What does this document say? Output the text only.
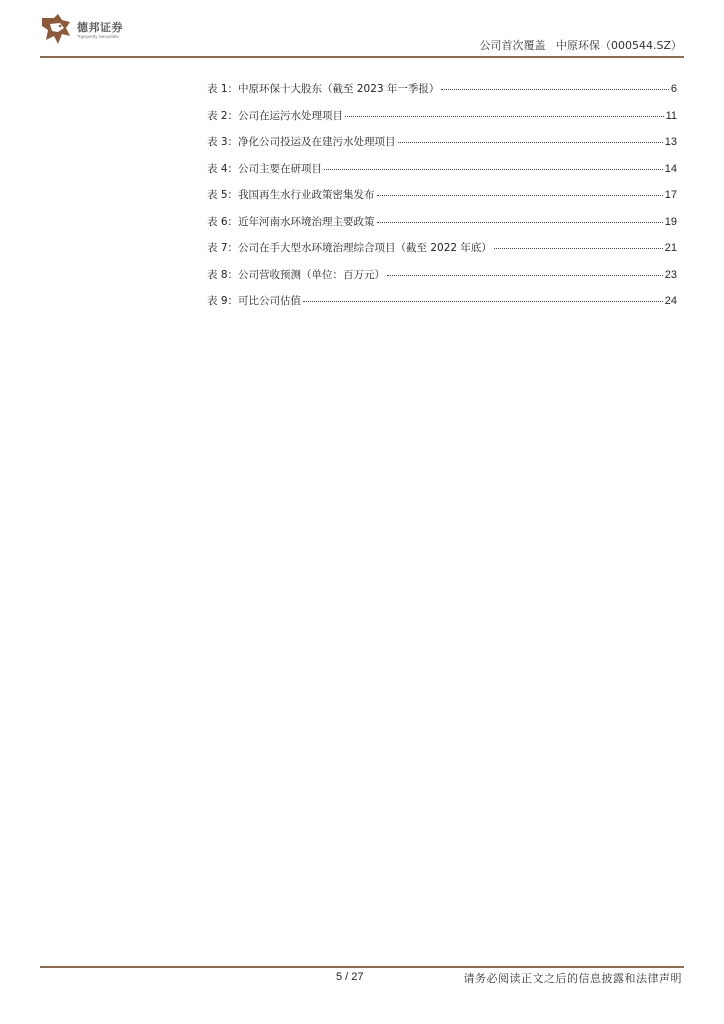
德邦证券
Topsperity Securities
公司首次覆盖 中原环保（000544.SZ）
表 1： 中原环保十大股东（截至 2023 年一季报）	6
表 2： 公司在运污水处理项目	11
表 3： 净化公司投运及在建污水处理项目	13
表 4： 公司主要在研项目	14
表 5： 我国再生水行业政策密集发布	17
表 6： 近年河南水环境治理主要政策	19
表 7： 公司在手大型水环境治理综合项目（截至 2022 年底）	21
表 8： 公司营收预测（单位：百万元）	23
表 9： 可比公司估值	24
5 / 27	请务必阅读正文之后的信息披露和法律声明
